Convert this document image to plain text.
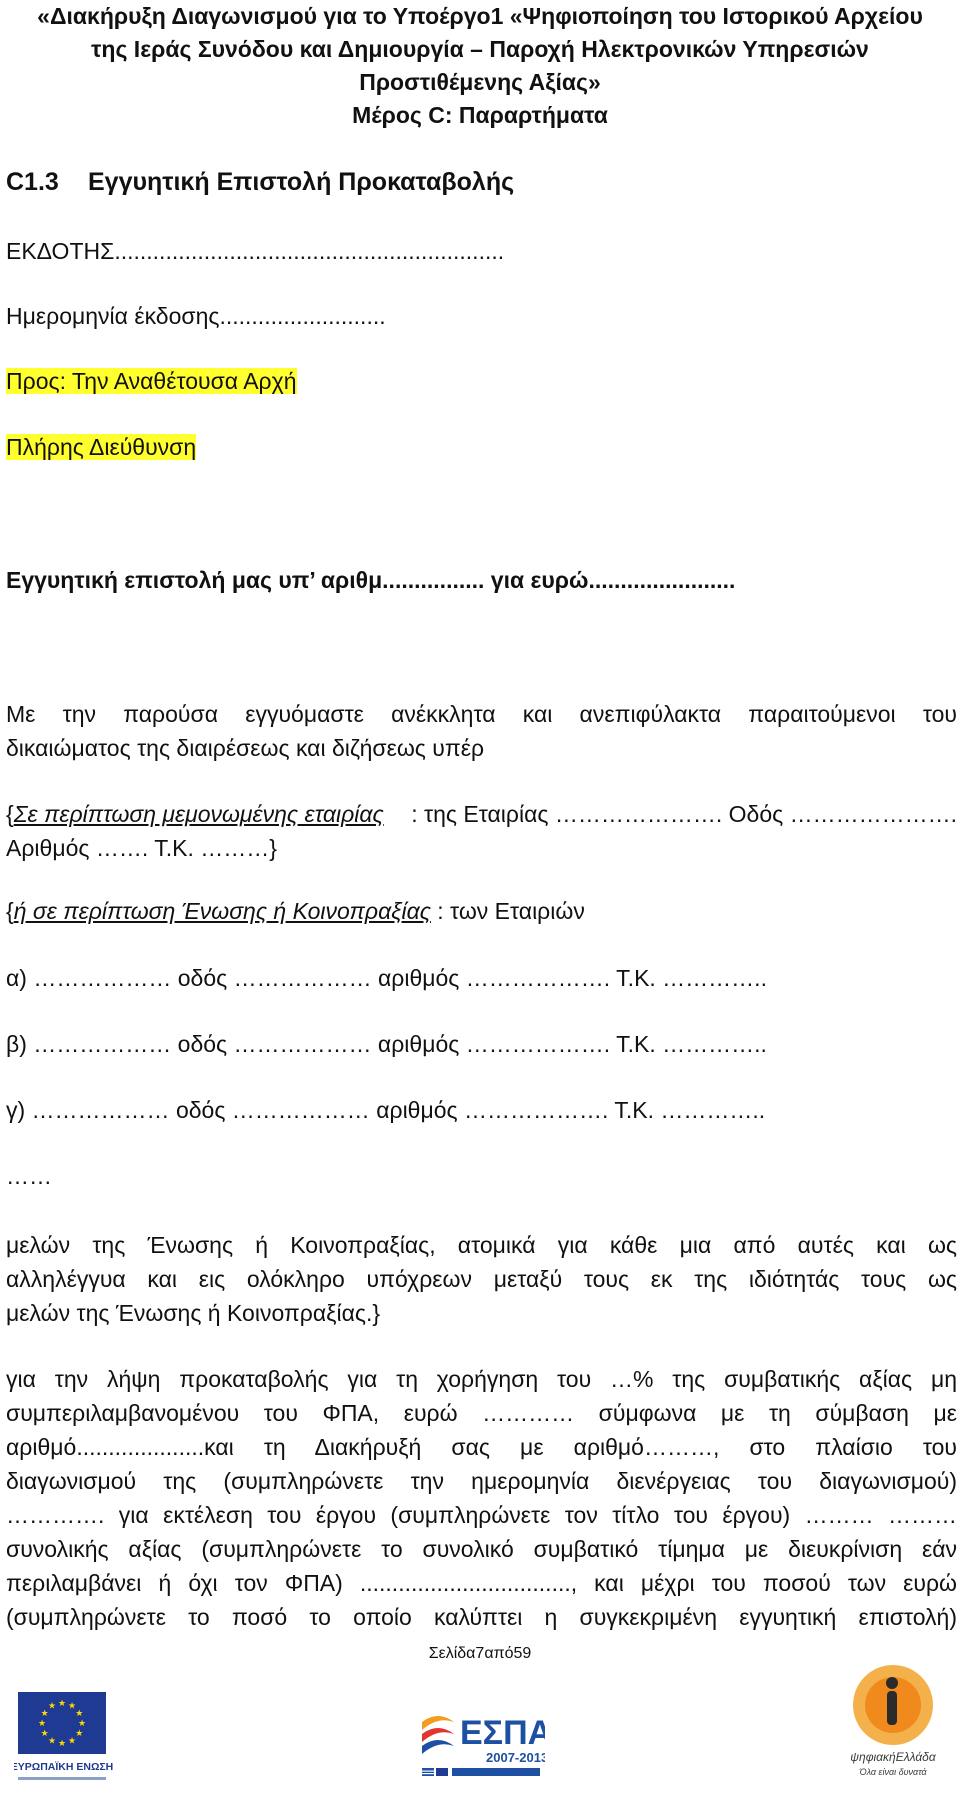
«Διακήρυξη Διαγωνισμού για το Υποέργο1 «Ψηφιοποίηση του Ιστορικού Αρχείου
της Ιεράς Συνόδου και Δημιουργία – Παροχή Ηλεκτρονικών Υπηρεσιών
Προστιθέμενης Αξίας»
Μέρος C: Παραρτήματα
C1.3 Εγγυητική Επιστολή Προκαταβολής
ΕΚΔΟΤΗΣ.............................................................
Ημερομηνία έκδοσης..........................
Προς: Την Αναθέτουσα Αρχή
Πλήρης Διεύθυνση
Εγγυητική επιστολή μας υπ’ αριθμ................ για ευρώ.......................
Με την παρούσα εγγυόμαστε ανέκκλητα και ανεπιφύλακτα παραιτούμενοι του
δικαιώματος της διαιρέσεως και διζήσεως υπέρ
{Σε περίπτωση μεμονωμένης εταιρίας : της Εταιρίας …………………. Οδός ………………….
Αριθμός ……. Τ.Κ. ………}
{ή σε περίπτωση Ένωσης ή Κοινοπραξίας : των Εταιριών
α) ……………… οδός ……………… αριθμός ………………. Τ.Κ. …………..
β) ……………… οδός ……………… αριθμός ………………. Τ.Κ. …………..
γ) ……………… οδός ……………… αριθμός ………………. Τ.Κ. …………..
……
μελών της Ένωσης ή Κοινοπραξίας, ατομικά για κάθε μια από αυτές και ως
αλληλέγγυα και εις ολόκληρο υπόχρεων μεταξύ τους εκ της ιδιότητάς τους ως
μελών της Ένωσης ή Κοινοπραξίας.}
για την λήψη προκαταβολής για τη χορήγηση του …% της συμβατικής αξίας μη
συμπεριλαμβανομένου του ΦΠΑ, ευρώ ………… σύμφωνα με τη σύμβαση με
αριθμό....................και τη Διακήρυξή σας με αριθμό………, στο πλαίσιο του
διαγωνισμού της (συμπληρώνετε την ημερομηνία διενέργειας του διαγωνισμού)
…………. για εκτέλεση του έργου (συμπληρώνετε τον τίτλο του έργου) ……… ………
συνολικής αξίας (συμπληρώνετε το συνολικό συμβατικό τίμημα με διευκρίνιση εάν
περιλαμβάνει ή όχι τον ΦΠΑ) ................................., και μέχρι του ποσού των ευρώ
(συμπληρώνετε το ποσό το οποίο καλύπτει η συγκεκριμένη εγγυητική επιστολή)
Σελίδα7από59
★ ★
★
★
★
★
★
★
★
★
★
★
ΕΥΡΩΠΑΪΚΗ ΕΝΩΣΗ
ΕΣΠΑ
2007-2013	ψηφιακήΕλλάδα
Όλα είναι δυνατά
